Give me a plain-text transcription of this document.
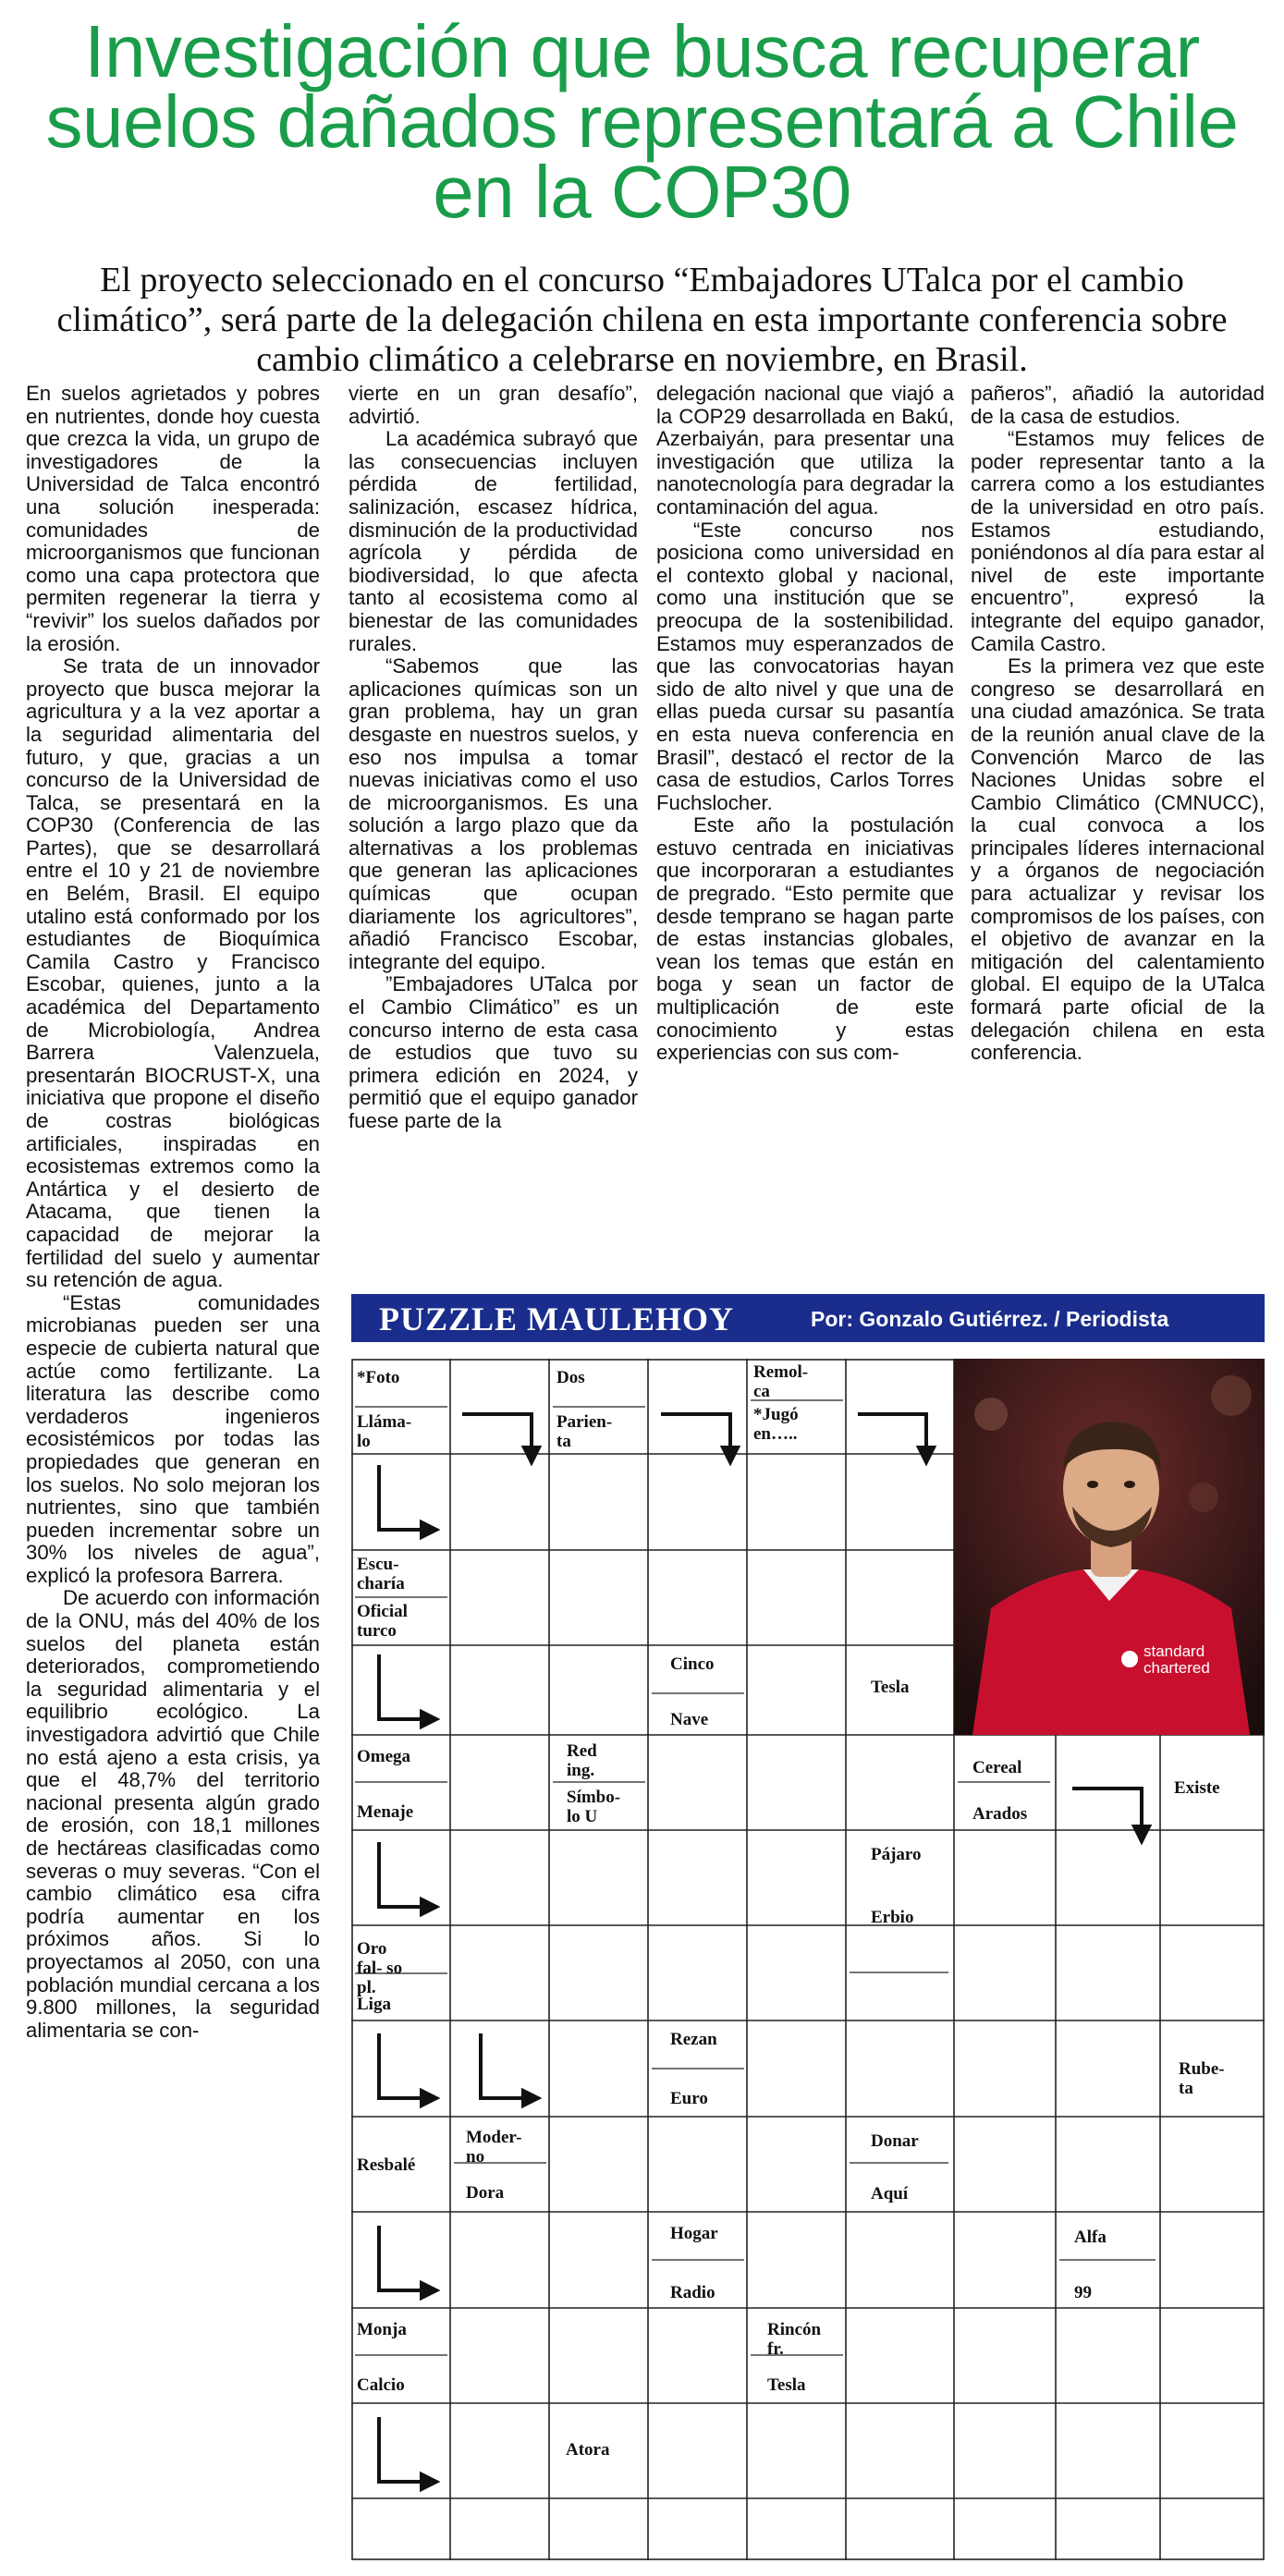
Investigación que busca recuperar suelos dañados representará a Chile en la COP30

El proyecto seleccionado en el concurso “Embajadores UTalca por el cambio climático”, será parte de la delegación chilena en esta importante conferencia sobre cambio climático a celebrarse en noviembre, en Brasil.

En suelos agrietados y pobres en nutrientes, donde hoy cuesta que crezca la vida, un grupo de investigadores de la Universidad de Talca encontró una solución inesperada: comunidades de microorganismos que funcionan como una capa protectora que permiten regenerar la tierra y “revivir” los suelos dañados por la erosión.

Se trata de un innovador proyecto que busca mejorar la agricultura y a la vez aportar a la seguridad alimentaria del futuro, y que, gracias a un concurso de la Universidad de Talca, se presentará en la COP30 (Conferencia de las Partes), que se desarrollará entre el 10 y 21 de noviembre en Belém, Brasil. El equipo utalino está conformado por los estudiantes de Bioquímica Camila Castro y Francisco Escobar, quienes, junto a la académica del Departamento de Microbiología, Andrea Barrera Valenzuela, presentarán BIOCRUST-X, una iniciativa que propone el diseño de costras biológicas artificiales, inspiradas en ecosistemas extremos como la Antártica y el desierto de Atacama, que tienen la capacidad de mejorar la fertilidad del suelo y aumentar su retención de agua.

“Estas comunidades microbianas pueden ser una especie de cubierta natural que actúe como fertilizante. La literatura las describe como verdaderos ingenieros ecosistémicos por todas las propiedades que generan en los suelos. No solo mejoran los nutrientes, sino que también pueden incrementar sobre un 30% los niveles de agua”, explicó la profesora Barrera.

De acuerdo con información de la ONU, más del 40% de los suelos del planeta están deteriorados, comprometiendo la seguridad alimentaria y el equilibrio ecológico. La investigadora advirtió que Chile no está ajeno a esta crisis, ya que el 48,7% del territorio nacional presenta algún grado de erosión, con 18,1 millones de hectáreas clasificadas como severas o muy severas. “Con el cambio climático esa cifra podría aumentar en los próximos años. Si lo proyectamos al 2050, con una población mundial cercana a los 9.800 millones, la seguridad alimentaria se con-

vierte en un gran desafío”, advirtió.

La académica subrayó que las consecuencias incluyen pérdida de fertilidad, salinización, escasez hídrica, disminución de la productividad agrícola y pérdida de biodiversidad, lo que afecta tanto al ecosistema como al bienestar de las comunidades rurales.

“Sabemos que las aplicaciones químicas son un gran problema, hay un gran desgaste en nuestros suelos, y eso nos impulsa a tomar nuevas iniciativas como el uso de microorganismos. Es una solución a largo plazo que da alternativas a los problemas que generan las aplicaciones químicas que ocupan diariamente los agricultores”, añadió Francisco Escobar, integrante del equipo.

”Embajadores UTalca por el Cambio Climático” es un concurso interno de esta casa de estudios que tuvo su primera edición en 2024, y permitió que el equipo ganador fuese parte de la

delegación nacional que viajó a la COP29 desarrollada en Bakú, Azerbaiyán, para presentar una investigación que utiliza la nanotecnología para degradar la contaminación del agua.

“Este concurso nos posiciona como universidad en el contexto global y nacional, como una institución que se preocupa de la sostenibilidad. Estamos muy esperanzados de que las convocatorias hayan sido de alto nivel y que una de ellas pueda cursar su pasantía en esta nueva conferencia en Brasil”, destacó el rector de la casa de estudios, Carlos Torres Fuchslocher.

Este año la postulación estuvo centrada en iniciativas que incorporaran a estudiantes de pregrado. “Esto permite que desde temprano se hagan parte de estas instancias globales, vean los temas que están en boga y sean un factor de multiplicación de este conocimiento y estas experiencias con sus com-

pañeros”, añadió la autoridad de la casa de estudios.

“Estamos muy felices de poder representar tanto a la carrera como a los estudiantes de la universidad en otro país. Estamos estudiando, poniéndonos al día para estar al nivel de este importante encuentro”, expresó la integrante del equipo ganador, Camila Castro.

Es la primera vez que este congreso se desarrollará en una ciudad amazónica. Se trata de la reunión anual clave de la Convención Marco de las Naciones Unidas sobre el Cambio Climático (CMNUCC), la cual convoca a los principales líderes internacional y a órganos de negociación para actualizar y revisar los compromisos de los países, con el objetivo de avanzar en la mitigación del calentamiento global. El equipo de la UTalca formará parte oficial de la delegación chilena en esta conferencia.

PUZZLE MAULEHOY	Por: Gonzalo Gutiérrez. / Periodista
*Foto
Lláma- lo
Dos
Parien- ta
Remol- ca
*Jugó en…..
Escu- charía
Oficial turco
Cinco
Nave
Tesla
Omega
Menaje
Red ing.
Símbo- lo U
Cereal
Arados
Existe
Pájaro
Erbio
Oro fal- so pl.
Liga
Rezan
Euro
Rube- ta
Resbalé
Moder- no
Dora
Donar
Aquí
Hogar
Radio
Alfa
99
Monja
Calcio
Rincón fr.
Tesla
Atora
standard
chartered
